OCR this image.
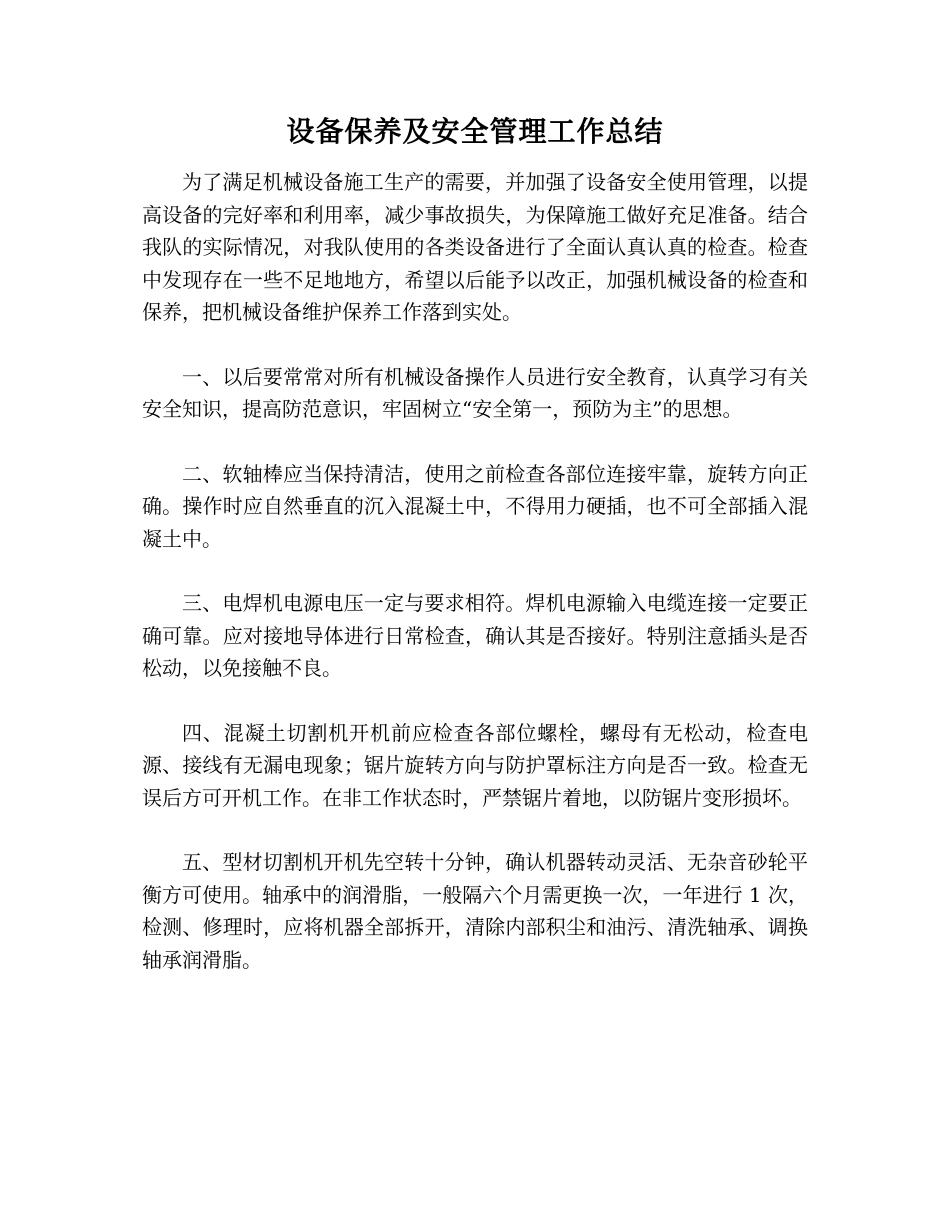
设备保养及安全管理工作总结

为了满足机械设备施工生产的需要，并加强了设备安全使用管理，以提高设备的完好率和利用率，减少事故损失，为保障施工做好充足准备。结合我队的实际情况，对我队使用的各类设备进行了全面认真认真的检查。检查中发现存在一些不足地地方，希望以后能予以改正，加强机械设备的检查和保养，把机械设备维护保养工作落到实处。

一、以后要常常对所有机械设备操作人员进行安全教育，认真学习有关安全知识，提高防范意识，牢固树立“安全第一，预防为主”的思想。

二、软轴棒应当保持清洁，使用之前检查各部位连接牢靠，旋转方向正确。操作时应自然垂直的沉入混凝土中，不得用力硬插，也不可全部插入混凝土中。

三、电焊机电源电压一定与要求相符。焊机电源输入电缆连接一定要正确可靠。应对接地导体进行日常检查，确认其是否接好。特别注意插头是否松动，以免接触不良。

四、混凝土切割机开机前应检查各部位螺栓，螺母有无松动，检查电源、接线有无漏电现象；锯片旋转方向与防护罩标注方向是否一致。检查无误后方可开机工作。在非工作状态时，严禁锯片着地，以防锯片变形损坏。

五、型材切割机开机先空转十分钟，确认机器转动灵活、无杂音砂轮平衡方可使用。轴承中的润滑脂，一般隔六个月需更换一次，一年进行 1 次，检测、修理时，应将机器全部拆开，清除内部积尘和油污、清洗轴承、调换轴承润滑脂。
